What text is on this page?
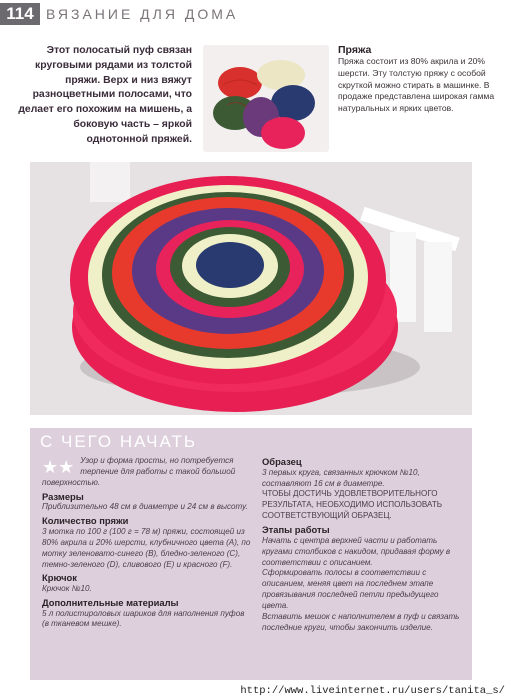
114 ВЯЗАНИЕ ДЛЯ ДОМА
Этот полосатый пуф связан круговыми рядами из толстой пряжи. Верх и низ вяжут разноцветными полосами, что делает его похожим на мишень, а боковую часть – яркой однотонной пряжей.
Пряжа
Пряжа состоит из 80% акрила и 20% шерсти. Эту толстую пряжу с особой скруткой можно стирать в машинке. В продаже представлена широкая гамма натуральных и ярких цветов.
С ЧЕГО НАЧАТЬ
★★ Узор и форма просты, но потребуется терпение для работы с такой большой поверхностью.

Размеры

Приблизительно 48 см в диаметре и 24 см в высоту.

Количество пряжи

3 мотка по 100 г (100 г = 78 м) пряжи, состоящей из 80% акрила и 20% шерсти, клубничного цвета (A), по мотку зеленовато-синего (B), бледно-зеленого (C), темно-зеленого (D), сливового (E) и красного (F).

Крючок

Крючок №10.

Дополнительные материалы

5 л полистироловых шариков для наполнения пуфов (в тканевом мешке).

Образец

3 первых круга, связанных крючком №10, составляют 16 см в диаметре.

ЧТОБЫ ДОСТИЧЬ УДОВЛЕТВОРИТЕЛЬНОГО РЕЗУЛЬТАТА, НЕОБХОДИМО ИСПОЛЬЗОВАТЬ СООТВЕТСТВУЮЩИЙ ОБРАЗЕЦ.

Этапы работы

Начать с центра верхней части и работать кругами столбиков с накидом, придавая форму в соответствии с описанием.

Сформировать полосы в соответствии с описанием, меняя цвет на последнем этапе провязывания последней петли предыдущего цвета.

Вставить мешок с наполнителем в пуф и связать последние круги, чтобы закончить изделие.

http://www.liveinternet.ru/users/tanita_s/
